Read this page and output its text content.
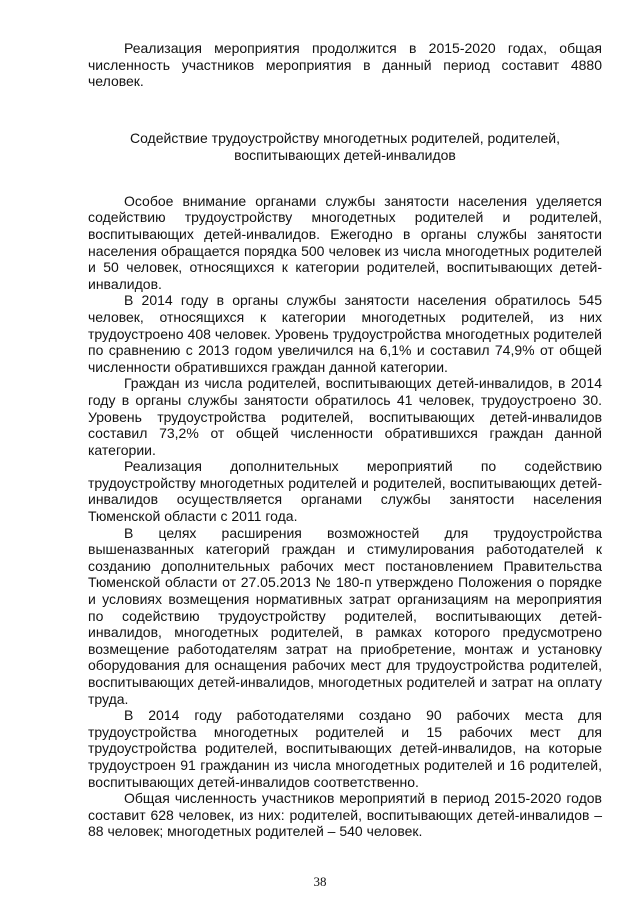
Реализация мероприятия продолжится в 2015-2020 годах, общая численность участников мероприятия в данный период составит 4880 человек.

Содействие трудоустройству многодетных родителей, родителей,
воспитывающих детей-инвалидов

Особое внимание органами службы занятости населения уделяется содействию трудоустройству многодетных родителей и родителей, воспитывающих детей-инвалидов. Ежегодно в органы службы занятости населения обращается порядка 500 человек из числа многодетных родителей и 50 человек, относящихся к категории родителей, воспитывающих детей-инвалидов.

В 2014 году в органы службы занятости населения обратилось 545 человек, относящихся к категории многодетных родителей, из них трудоустроено 408 человек. Уровень трудоустройства многодетных родителей по сравнению с 2013 годом увеличился на 6,1% и составил 74,9% от общей численности обратившихся граждан данной категории.

Граждан из числа родителей, воспитывающих детей-инвалидов, в 2014 году в органы службы занятости обратилось 41 человек, трудоустроено 30. Уровень трудоустройства родителей, воспитывающих детей-инвалидов составил 73,2% от общей численности обратившихся граждан данной категории.

Реализация дополнительных мероприятий по содействию трудоустройству многодетных родителей и родителей, воспитывающих детей-инвалидов осуществляется органами службы занятости населения Тюменской области с 2011 года.

В целях расширения возможностей для трудоустройства вышеназванных категорий граждан и стимулирования работодателей к созданию дополнительных рабочих мест постановлением Правительства Тюменской области от 27.05.2013 № 180-п утверждено Положения о порядке и условиях возмещения нормативных затрат организациям на мероприятия по содействию трудоустройству родителей, воспитывающих детей-инвалидов, многодетных родителей, в рамках которого предусмотрено возмещение работодателям затрат на приобретение, монтаж и установку оборудования для оснащения рабочих мест для трудоустройства родителей, воспитывающих детей-инвалидов, многодетных родителей и затрат на оплату труда.

В 2014 году работодателями создано 90 рабочих места для трудоустройства многодетных родителей и 15 рабочих мест для трудоустройства родителей, воспитывающих детей-инвалидов, на которые трудоустроен 91 гражданин из числа многодетных родителей и 16 родителей, воспитывающих детей-инвалидов соответственно.

Общая численность участников мероприятий в период 2015-2020 годов составит 628 человек, из них: родителей, воспитывающих детей-инвалидов – 88 человек; многодетных родителей – 540 человек.

38
